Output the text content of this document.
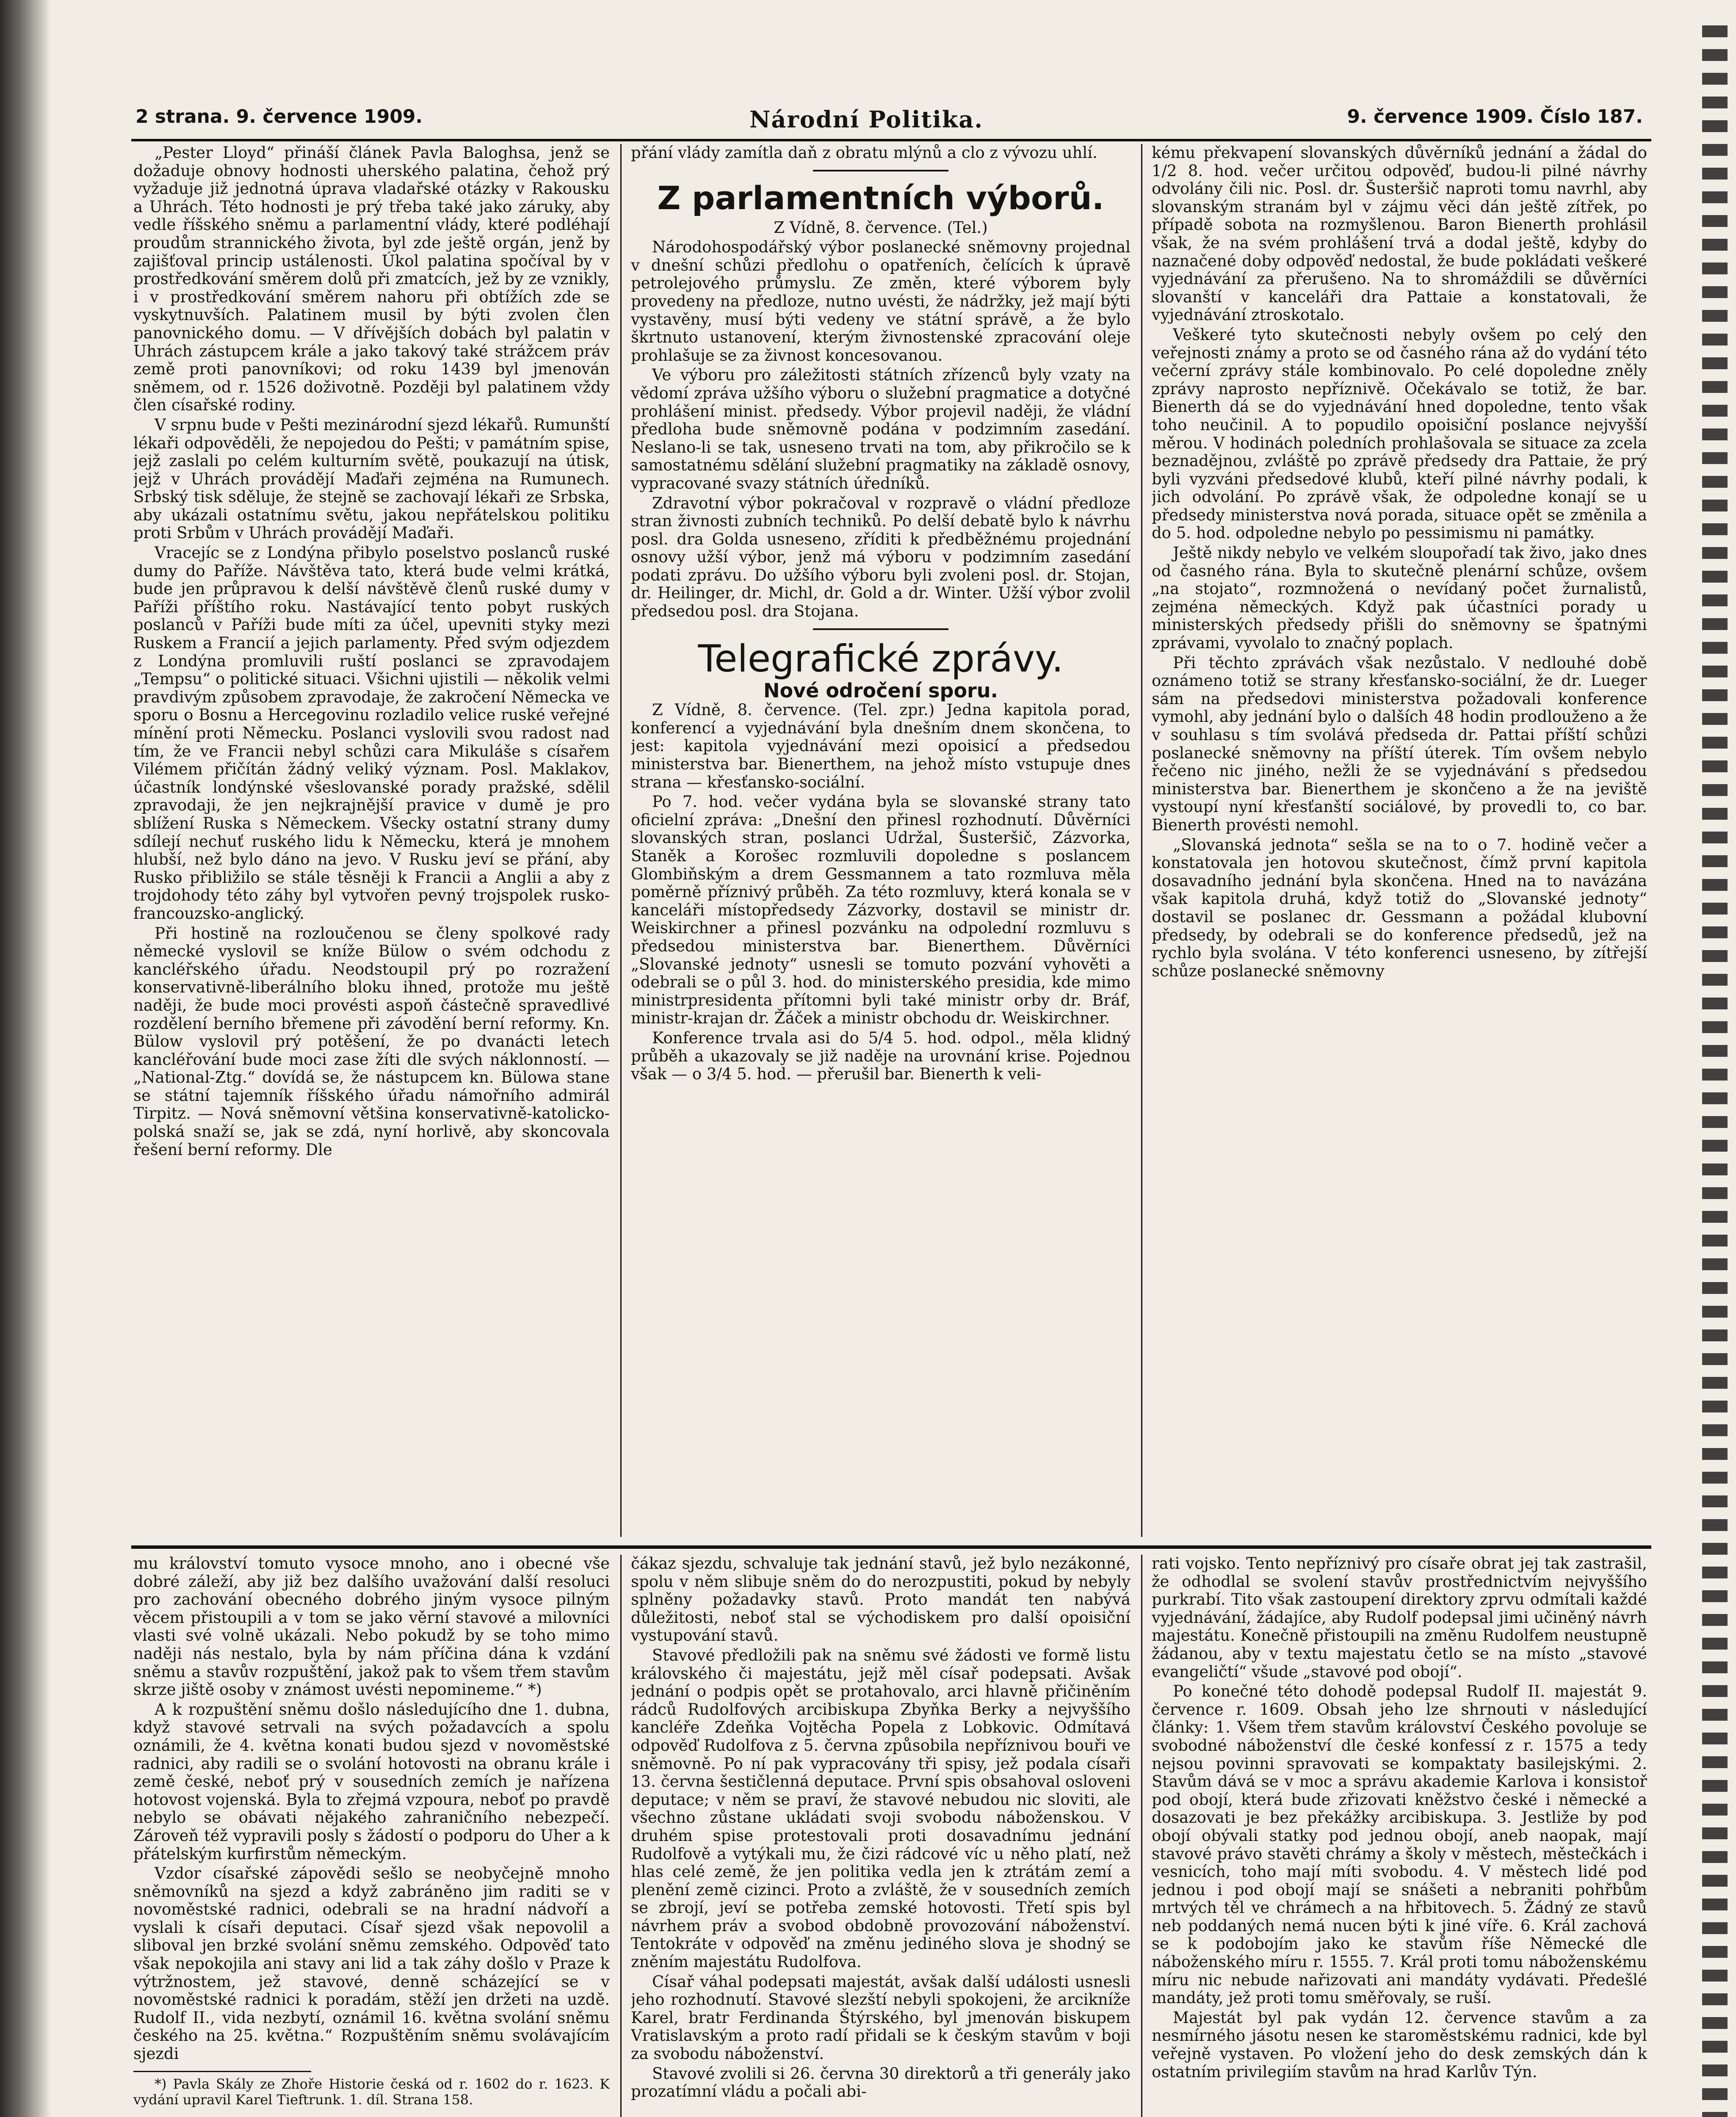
2 strana. 9. července 1909.	Národní Politika.	9. července 1909. Číslo 187.

„Pester Lloyd“ přináší článek Pavla Baloghsa, jenž se dožaduje obnovy hodnosti uherského palatina, čehož prý vyžaduje již jednotná úprava vladařské otázky v Rakousku a Uhrách. Této hodnosti je prý třeba také jako záruky, aby vedle říšského sněmu a parlamentní vlády, které podléhají proudům strannického života, byl zde ještě orgán, jenž by zajišťoval princip ustálenosti. Úkol palatina spočíval by v prostředkování směrem dolů při zmatcích, jež by ze vznikly, i v prostředkování směrem nahoru při obtížích zde se vyskytnuvších. Palatinem musil by býti zvolen člen panovnického domu. — V dřívějších dobách byl palatin v Uhrách zástupcem krále a jako takový také strážcem práv země proti panovníkovi; od roku 1439 byl jmenován sněmem, od r. 1526 doživotně. Později byl palatinem vždy člen císařské rodiny.

V srpnu bude v Pešti mezinárodní sjezd lékařů. Rumunští lékaři odpověděli, že nepojedou do Pešti; v památním spise, jejž zaslali po celém kulturním světě, poukazují na útisk, jejž v Uhrách provádějí Maďaři zejména na Rumunech. Srbský tisk sděluje, že stejně se zachovají lékaři ze Srbska, aby ukázali ostatnímu světu, jakou nepřátelskou politiku proti Srbům v Uhrách provádějí Maďaři.

Vracejíc se z Londýna přibylo poselstvo poslanců ruské dumy do Paříže. Návštěva tato, která bude velmi krátká, bude jen průpravou k delší návštěvě členů ruské dumy v Paříži příštího roku. Nastávající tento pobyt ruských poslanců v Paříži bude míti za účel, upevniti styky mezi Ruskem a Francií a jejich parlamenty. Před svým odjezdem z Londýna promluvili ruští poslanci se zpravodajem „Tempsu“ o politické situaci. Všichni ujistili — několik velmi pravdivým způsobem zpravodaje, že zakročení Německa ve sporu o Bosnu a Hercegovinu rozladilo velice ruské veřejné mínění proti Německu. Poslanci vyslovili svou radost nad tím, že ve Francii nebyl schůzi cara Mikuláše s císařem Vilémem přičítán žádný veliký význam. Posl. Maklakov, účastník londýnské všeslovanské porady pražské, sdělil zpravodaji, že jen nejkrajnější pravice v dumě je pro sblížení Ruska s Německem. Všecky ostatní strany dumy sdílejí nechuť ruského lidu k Německu, která je mnohem hlubší, než bylo dáno na jevo. V Rusku jeví se přání, aby Rusko přibližilo se stále těsněji k Francii a Anglii a aby z trojdohody této záhy byl vytvořen pevný trojspolek rusko-francouzsko-anglický.

Při hostině na rozloučenou se členy spolkové rady německé vyslovil se kníže Bülow o svém odchodu z kancléřského úřadu. Neodstoupil prý po rozražení konservativně-liberálního bloku ihned, protože mu ještě naději, že bude moci provésti aspoň částečně spravedlivé rozdělení berního břemene při závodění berní reformy. Kn. Bülow vyslovil prý potěšení, že po dvanácti letech kancléřování bude moci zase žíti dle svých náklonností. — „National-Ztg.“ dovídá se, že nástupcem kn. Bülowa stane se státní tajemník říšského úřadu námořního admirál Tirpitz. — Nová sněmovní většina konservativně-katolicko-polská snaží se, jak se zdá, nyní horlivě, aby skoncovala řešení berní reformy. Dle

přání vlády zamítla daň z obratu mlýnů a clo z vývozu uhlí.

Z parlamentních výborů.

Z Vídně, 8. července. (Tel.)

Národohospodářský výbor poslanecké sněmovny projednal v dnešní schůzi předlohu o opatřeních, čelících k úpravě petrolejového průmyslu. Ze změn, které výborem byly provedeny na předloze, nutno uvésti, že nádržky, jež mají býti vystavěny, musí býti vedeny ve státní správě, a že bylo škrtnuto ustanovení, kterým živnostenské zpracování oleje prohlašuje se za živnost koncesovanou.

Ve výboru pro záležitosti státních zřízenců byly vzaty na vědomí zpráva užšího výboru o služební pragmatice a dotyčné prohlášení minist. předsedy. Výbor projevil naději, že vládní předloha bude sněmovně podána v podzimním zasedání. Neslano-li se tak, usneseno trvati na tom, aby přikročilo se k samostatnému sdělání služební pragmatiky na základě osnovy, vypracované svazy státních úředníků.

Zdravotní výbor pokračoval v rozpravě o vládní předloze stran živnosti zubních techniků. Po delší debatě bylo k návrhu posl. dra Goldа usneseno, zříditi k předběžnému projednání osnovy užší výbor, jenž má výboru v podzimním zasedání podati zprávu. Do užšího výboru byli zvoleni posl. dr. Stojan, dr. Heilinger, dr. Michl, dr. Gold a dr. Winter. Užší výbor zvolil předsedou posl. dra Stojana.

Telegrafické zprávy.

Nové odročení sporu.

Z Vídně, 8. července. (Tel. zpr.) Jedna kapitola porad, konferencí a vyjednávání byla dnešním dnem skončena, to jest: kapitola vyjednávání mezi opoisicí a předsedou ministerstva bar. Bienerthem, na jehož místo vstupuje dnes strana — křesťansko-sociální.

Po 7. hod. večer vydána byla se slovanské strany tato oficielní zpráva: „Dnešní den přinesl rozhodnutí. Důvěrníci slovanských stran, poslanci Udržal, Šusteršič, Zázvorka, Staněk a Korošec rozmluvili dopoledne s poslancem Glombiňským a drem Gessmannem a tato rozmluva měla poměrně příznivý průběh. Za této rozmluvy, která konala se v kanceláři místopředsedy Zázvorky, dostavil se ministr dr. Weiskirchner a přinesl pozvánku na odpolední rozmluvu s předsedou ministerstva bar. Bienerthem. Důvěrníci „Slovanské jednoty“ usnesli se tomuto pozvání vyhověti a odebrali se o půl 3. hod. do ministerského presidia, kde mimo ministrpresidenta přítomni byli také ministr orby dr. Bráf, ministr-krajan dr. Žáček a ministr obchodu dr. Weiskirchner.

Konference trvala asi do 5/4 5. hod. odpol., měla klidný průběh a ukazovaly se již naděje na urovnání krise. Pojednou však — o 3/4 5. hod. — přerušil bar. Bienerth k veli-

kému překvapení slovanských důvěrníků jednání a žádal do 1/2 8. hod. večer určitou odpověď, budou-li pilné návrhy odvolány čili nic. Posl. dr. Šusteršič naproti tomu navrhl, aby slovanským stranám byl v zájmu věci dán ještě zítřek, po případě sobota na rozmyšlenou. Baron Bienerth prohlásil však, že na svém prohlášení trvá a dodal ještě, kdyby do naznačené doby odpověď nedostal, že bude pokládati veškeré vyjednávání za přerušeno. Na to shromáždili se důvěrníci slovanští v kanceláři dra Pattaie a konstatovali, že vyjednávání ztroskotalo.

Veškeré tyto skutečnosti nebyly ovšem po celý den veřejnosti známy a proto se od časného rána až do vydání této večerní zprávy stále kombinovalo. Po celé dopoledne zněly zprávy naprosto nepříznivě. Očekávalo se totiž, že bar. Bienerth dá se do vyjednávání hned dopoledne, tento však toho neučinil. A to popudilo opoisiční poslance nejvyšší měrou. V hodinách poledních prohlašovala se situace za zcela beznadějnou, zvláště po zprávě předsedy dra Pattaie, že prý byli vyzváni předsedové klubů, kteří pilné návrhy podali, k jich odvolání. Po zprávě však, že odpoledne konají se u předsedy ministerstva nová porada, situace opět se změnila a do 5. hod. odpoledne nebylo po pessimismu ni památky.

Ještě nikdy nebylo ve velkém sloupořadí tak živo, jako dnes od časného rána. Byla to skutečně plenární schůze, ovšem „na stojato“, rozmnožená o nevídaný počet žurnalistů, zejména německých. Když pak účastníci porady u ministerských předsedy přišli do sněmovny se špatnými zprávami, vyvolalo to značný poplach.

Při těchto zprávách však nezůstalo. V nedlouhé době oznámeno totiž se strany křesťansko-sociální, že dr. Lueger sám na předsedovi ministerstva požadovali konference vymohl, aby jednání bylo o dalších 48 hodin prodlouženo a že v souhlasu s tím svolává předseda dr. Pattai příští schůzi poslanecké sněmovny na příští úterek. Tím ovšem nebylo řečeno nic jiného, nežli že se vyjednávání s předsedou ministerstva bar. Bienerthem je skončeno a že na jeviště vystoupí nyní křesťanští sociálové, by provedli to, co bar. Bienerth provésti nemohl.

„Slovanská jednota“ sešla se na to o 7. hodině večer a konstatovala jen hotovou skutečnost, čímž první kapitola dosavadního jednání byla skončena. Hned na to navázána však kapitola druhá, když totiž do „Slovanské jednoty“ dostavil se poslanec dr. Gessmann a požádal klubovní předsedy, by odebrali se do konference předsedů, jež na rychlo byla svolána. V této konferenci usneseno, by zítřejší schůze poslanecké sněmovny

mu království tomuto vysoce mnoho, ano i obecné vše dobré záleží, aby již bez dalšího uvažování další resoluci pro zachování obecného dobrého jiným vysoce pilným věcem přistoupili a v tom se jako věrní stavové a milovníci vlasti své volně ukázali. Nebo pokudž by se toho mimo naději nás nestalo, byla by nám příčina dána k vzdání sněmu a stavův rozpuštění, jakož pak to všem třem stavům skrze jiště osoby v známost uvésti nepomineme.“ *)

A k rozpuštění sněmu došlo následujícího dne 1. dubna, když stavové setrvali na svých požadavcích a spolu oznámili, že 4. května konati budou sjezd v novoměstské radnici, aby radili se o svolání hotovosti na obranu krále i země české, neboť prý v sousedních zemích je nařízena hotovost vojenská. Byla to zřejmá vzpoura, neboť po pravdě nebylo se obávati nějakého zahraničního nebezpečí. Zároveň též vypravili posly s žádostí o podporu do Uher a k přátelským kurfirstům německým.

Vzdor císařské zápovědi sešlo se neobyčejně mnoho sněmovníků na sjezd a když zabráněno jim raditi se v novoměstské radnici, odebrali se na hradní nádvoří a vyslali k císaři deputaci. Císař sjezd však nepovolil a sliboval jen brzké svolání sněmu zemského. Odpověď tato však nepokojila ani stavy ani lid a tak záhy došlo v Praze k výtržnostem, jež stavové, denně scházející se v novoměstské radnici k poradám, stěží jen držeti na uzdě. Rudolf II., vida nezbytí, oznámil 16. května svolání sněmu českého na 25. května.“ Rozpuštěním sněmu svolávajícím sjezdi

*) Pavla Skály ze Zhoře Historie česká od r. 1602 do r. 1623. K vydání upravil Karel Tieftrunk. 1. díl. Strana 158.

čákaz sjezdu, schvaluje tak jednání stavů, jež bylo nezákonné, spolu v něm slibuje sněm do do nerozpustiti, pokud by nebyly splněny požadavky stavů. Proto mandát ten nabývá důležitosti, neboť stal se východiskem pro další opoisiční vystupování stavů.

Stavové předložili pak na sněmu své žádosti ve formě listu královského či majestátu, jejž měl císař podepsati. Avšak jednání o podpis opět se protahovalo, arci hlavně přičiněním rádců Rudolfových arcibiskupa Zbyňka Berky a nejvyššího kancléře Zdeňka Vojtěcha Popela z Lobkovic. Odmítavá odpověď Rudolfova z 5. června způsobila nepříznivou bouři ve sněmovně. Po ní pak vypracovány tři spisy, jež podala císaři 13. června šestičlenná deputace. První spis obsahoval osloveni deputace; v něm se praví, že stavové nebudou nic sloviti, ale všechno zůstane ukládati svoji svobodu náboženskou. V druhém spise protestovali proti dosavadnímu jednání Rudolfově a vytýkali mu, že čizi rádcové víc u něho platí, než hlas celé země, že jen politika vedla jen k ztrátám zemí a plenění země cizinci. Proto a zvláště, že v sousedních zemích se zbrojí, jeví se potřeba zemské hotovosti. Třetí spis byl návrhem práv a svobod obdobně provozování náboženství. Tentokráte v odpověď na změnu jediného slova je shodný se zněním majestátu Rudolfova.

Císař váhal podepsati majestát, avšak další události usnesli jeho rozhodnutí. Stavové slezští nebyli spokojeni, že arcikníže Karel, bratr Ferdinanda Štýrského, byl jmenován biskupem Vratislavským a proto radí přidali se k českým stavům v boji za svobodu náboženství.

Stavové zvolili si 26. června 30 direktorů a tři generály jako prozatímní vládu a počali abi-

rati vojsko. Tento nepříznivý pro císaře obrat jej tak zastrašil, že odhodlal se svolení stavův prostřednictvím nejvyššího purkrabí. Tito však zastoupení direktory zprvu odmítali každé vyjednávání, žádajíce, aby Rudolf podepsal jimi učiněný návrh majestátu. Konečně přistoupili na změnu Rudolfem neustupně žádanou, aby v textu majestatu četlo se na místo „stavové evangeličtí“ všude „stavové pod obojí“.

Po konečné této dohodě podepsal Rudolf II. majestát 9. července r. 1609. Obsah jeho lze shrnouti v následující články: 1. Všem třem stavům království Českého povoluje se svobodné náboženství dle české konfessí z r. 1575 a tedy nejsou povinni spravovati se kompaktaty basilejskými. 2. Stavům dává se v moc a správu akademie Karlova i konsistoř pod obojí, která bude zřizovati kněžstvo české i německé a dosazovati je bez překážky arcibiskupa. 3. Jestliže by pod obojí obývali statky pod jednou obojí, aneb naopak, mají stavové právo stavěti chrámy a školy v městech, městečkách i vesnicích, toho mají míti svobodu. 4. V městech lidé pod jednou i pod obojí mají se snášeti a nebraniti pohřbům mrtvých těl ve chrámech a na hřbitovech. 5. Žádný ze stavů neb poddaných nemá nucen býti k jiné víře. 6. Král zachová se k podobojím jako ke stavům říše Německé dle náboženského míru r. 1555. 7. Král proti tomu náboženskému míru nic nebude nařizovati ani mandáty vydávati. Předešlé mandáty, jež proti tomu směřovaly, se ruší.

Majestát byl pak vydán 12. července stavům a za nesmírného jásotu nesen ke staroměstskému radnici, kde byl veřejně vystaven. Po vložení jeho do desk zemských dán k ostatním privilegiím stavům na hrad Karlův Týn.
